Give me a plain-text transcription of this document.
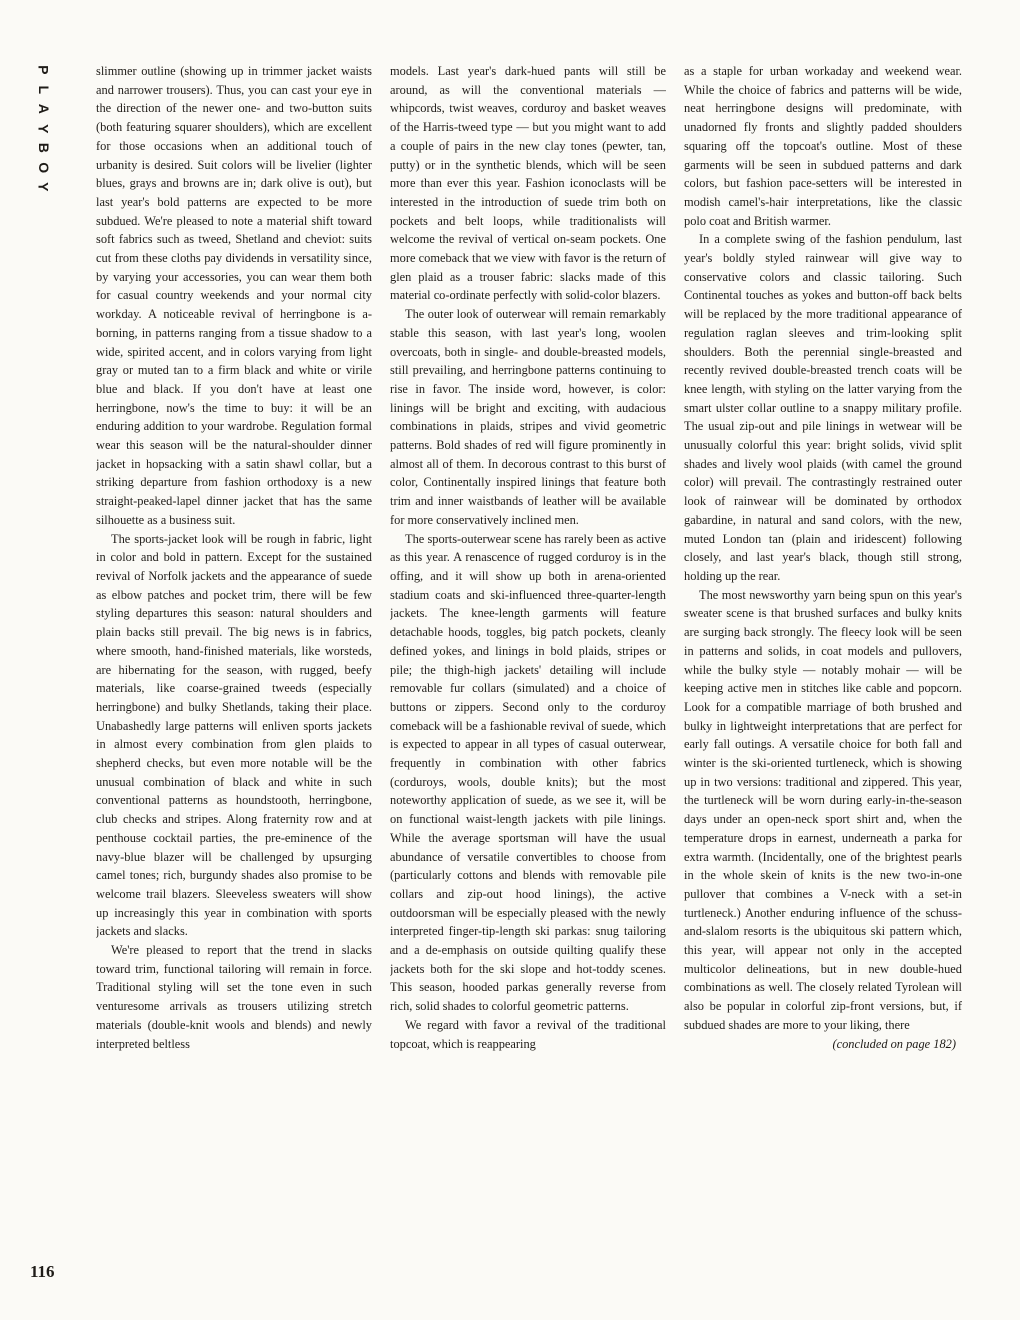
P
L
A
Y
B
O
Y

slimmer outline (showing up in trimmer jacket waists and narrower trousers). Thus, you can cast your eye in the direction of the newer one- and two-button suits (both featuring squarer shoulders), which are excellent for those occasions when an additional touch of urbanity is desired. Suit colors will be livelier (lighter blues, grays and browns are in; dark olive is out), but last year's bold patterns are expected to be more subdued. We're pleased to note a material shift toward soft fabrics such as tweed, Shetland and cheviot: suits cut from these cloths pay dividends in versatility since, by varying your accessories, you can wear them both for casual country weekends and your normal city workday. A noticeable revival of herringbone is a-borning, in patterns ranging from a tissue shadow to a wide, spirited accent, and in colors varying from light gray or muted tan to a firm black and white or virile blue and black. If you don't have at least one herringbone, now's the time to buy: it will be an enduring addition to your wardrobe. Regulation formal wear this season will be the natural-shoulder dinner jacket in hopsacking with a satin shawl collar, but a striking departure from fashion orthodoxy is a new straight-peaked-lapel dinner jacket that has the same silhouette as a business suit.

The sports-jacket look will be rough in fabric, light in color and bold in pattern. Except for the sustained revival of Norfolk jackets and the appearance of suede as elbow patches and pocket trim, there will be few styling departures this season: natural shoulders and plain backs still prevail. The big news is in fabrics, where smooth, hand-finished materials, like worsteds, are hibernating for the season, with rugged, beefy materials, like coarse-grained tweeds (especially herringbone) and bulky Shetlands, taking their place. Unabashedly large patterns will enliven sports jackets in almost every combination from glen plaids to shepherd checks, but even more notable will be the unusual combination of black and white in such conventional patterns as houndstooth, herringbone, club checks and stripes. Along fraternity row and at penthouse cocktail parties, the pre-eminence of the navy-blue blazer will be challenged by upsurging camel tones; rich, burgundy shades also promise to be welcome trail blazers. Sleeveless sweaters will show up increasingly this year in combination with sports jackets and slacks.

We're pleased to report that the trend in slacks toward trim, functional tailoring will remain in force. Traditional styling will set the tone even in such venturesome arrivals as trousers utilizing stretch materials (double-knit wools and blends) and newly interpreted beltless

models. Last year's dark-hued pants will still be around, as will the conventional materials — whipcords, twist weaves, corduroy and basket weaves of the Harris-tweed type — but you might want to add a couple of pairs in the new clay tones (pewter, tan, putty) or in the synthetic blends, which will be seen more than ever this year. Fashion iconoclasts will be interested in the introduction of suede trim both on pockets and belt loops, while traditionalists will welcome the revival of vertical on-seam pockets. One more comeback that we view with favor is the return of glen plaid as a trouser fabric: slacks made of this material co-ordinate perfectly with solid-color blazers.

The outer look of outerwear will remain remarkably stable this season, with last year's long, woolen overcoats, both in single- and double-breasted models, still prevailing, and herringbone patterns continuing to rise in favor. The inside word, however, is color: linings will be bright and exciting, with audacious combinations in plaids, stripes and vivid geometric patterns. Bold shades of red will figure prominently in almost all of them. In decorous contrast to this burst of color, Continentally inspired linings that feature both trim and inner waistbands of leather will be available for more conservatively inclined men.

The sports-outerwear scene has rarely been as active as this year. A renascence of rugged corduroy is in the offing, and it will show up both in arena-oriented stadium coats and ski-influenced three-quarter-length jackets. The knee-length garments will feature detachable hoods, toggles, big patch pockets, cleanly defined yokes, and linings in bold plaids, stripes or pile; the thigh-high jackets' detailing will include removable fur collars (simulated) and a choice of buttons or zippers. Second only to the corduroy comeback will be a fashionable revival of suede, which is expected to appear in all types of casual outerwear, frequently in combination with other fabrics (corduroys, wools, double knits); but the most noteworthy application of suede, as we see it, will be on functional waist-length jackets with pile linings. While the average sportsman will have the usual abundance of versatile convertibles to choose from (particularly cottons and blends with removable pile collars and zip-out hood linings), the active outdoorsman will be especially pleased with the newly interpreted finger-tip-length ski parkas: snug tailoring and a de-emphasis on outside quilting qualify these jackets both for the ski slope and hot-toddy scenes. This season, hooded parkas generally reverse from rich, solid shades to colorful geometric patterns.

We regard with favor a revival of the traditional topcoat, which is reappearing

as a staple for urban workaday and weekend wear. While the choice of fabrics and patterns will be wide, neat herringbone designs will predominate, with unadorned fly fronts and slightly padded shoulders squaring off the topcoat's outline. Most of these garments will be seen in subdued patterns and dark colors, but fashion pace-setters will be interested in modish camel's-hair interpretations, like the classic polo coat and British warmer.

In a complete swing of the fashion pendulum, last year's boldly styled rainwear will give way to conservative colors and classic tailoring. Such Continental touches as yokes and button-off back belts will be replaced by the more traditional appearance of regulation raglan sleeves and trim-looking split shoulders. Both the perennial single-breasted and recently revived double-breasted trench coats will be knee length, with styling on the latter varying from the smart ulster collar outline to a snappy military profile. The usual zip-out and pile linings in wetwear will be unusually colorful this year: bright solids, vivid split shades and lively wool plaids (with camel the ground color) will prevail. The contrastingly restrained outer look of rainwear will be dominated by orthodox gabardine, in natural and sand colors, with the new, muted London tan (plain and iridescent) following closely, and last year's black, though still strong, holding up the rear.

The most newsworthy yarn being spun on this year's sweater scene is that brushed surfaces and bulky knits are surging back strongly. The fleecy look will be seen in patterns and solids, in coat models and pullovers, while the bulky style — notably mohair — will be keeping active men in stitches like cable and popcorn. Look for a compatible marriage of both brushed and bulky in lightweight interpretations that are perfect for early fall outings. A versatile choice for both fall and winter is the ski-oriented turtleneck, which is showing up in two versions: traditional and zippered. This year, the turtleneck will be worn during early-in-the-season days under an open-neck sport shirt and, when the temperature drops in earnest, underneath a parka for extra warmth. (Incidentally, one of the brightest pearls in the whole skein of knits is the new two-in-one pullover that combines a V-neck with a set-in turtleneck.) Another enduring influence of the schuss-and-slalom resorts is the ubiquitous ski pattern which, this year, will appear not only in the accepted multicolor delineations, but in new double-hued combinations as well. The closely related Tyrolean will also be popular in colorful zip-front versions, but, if subdued shades are more to your liking, there

(concluded on page 182)
116
